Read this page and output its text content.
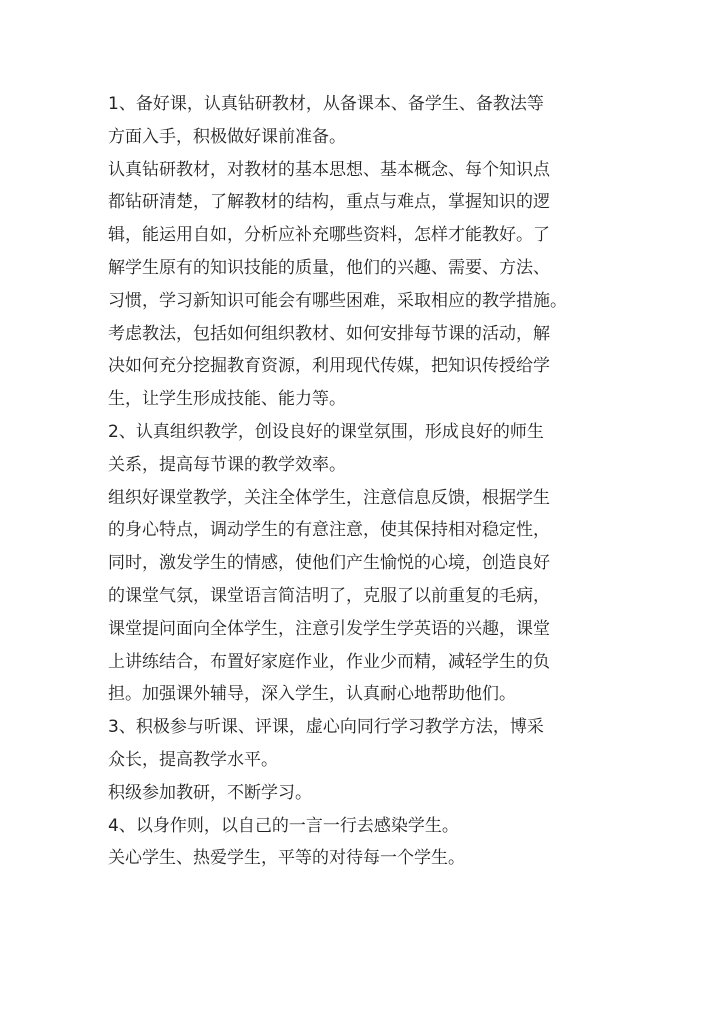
1、备好课，认真钻研教材，从备课本、备学生、备教法等
方面入手，积极做好课前准备。
认真钻研教材，对教材的基本思想、基本概念、每个知识点
都钻研清楚，了解教材的结构，重点与难点，掌握知识的逻
辑，能运用自如，分析应补充哪些资料，怎样才能教好。了
解学生原有的知识技能的质量，他们的兴趣、需要、方法、
习惯，学习新知识可能会有哪些困难，采取相应的教学措施。
考虑教法，包括如何组织教材、如何安排每节课的活动，解
决如何充分挖掘教育资源，利用现代传媒，把知识传授给学
生，让学生形成技能、能力等。
2、认真组织教学，创设良好的课堂氛围，形成良好的师生
关系，提高每节课的教学效率。
组织好课堂教学，关注全体学生，注意信息反馈，根据学生
的身心特点，调动学生的有意注意，使其保持相对稳定性，
同时，激发学生的情感，使他们产生愉悦的心境，创造良好
的课堂气氛，课堂语言简洁明了，克服了以前重复的毛病，
课堂提问面向全体学生，注意引发学生学英语的兴趣，课堂
上讲练结合，布置好家庭作业，作业少而精，减轻学生的负
担。加强课外辅导，深入学生，认真耐心地帮助他们。
3、积极参与听课、评课，虚心向同行学习教学方法，博采
众长，提高教学水平。
积级参加教研，不断学习。
4、以身作则，以自己的一言一行去感染学生。
关心学生、热爱学生，平等的对待每一个学生。
